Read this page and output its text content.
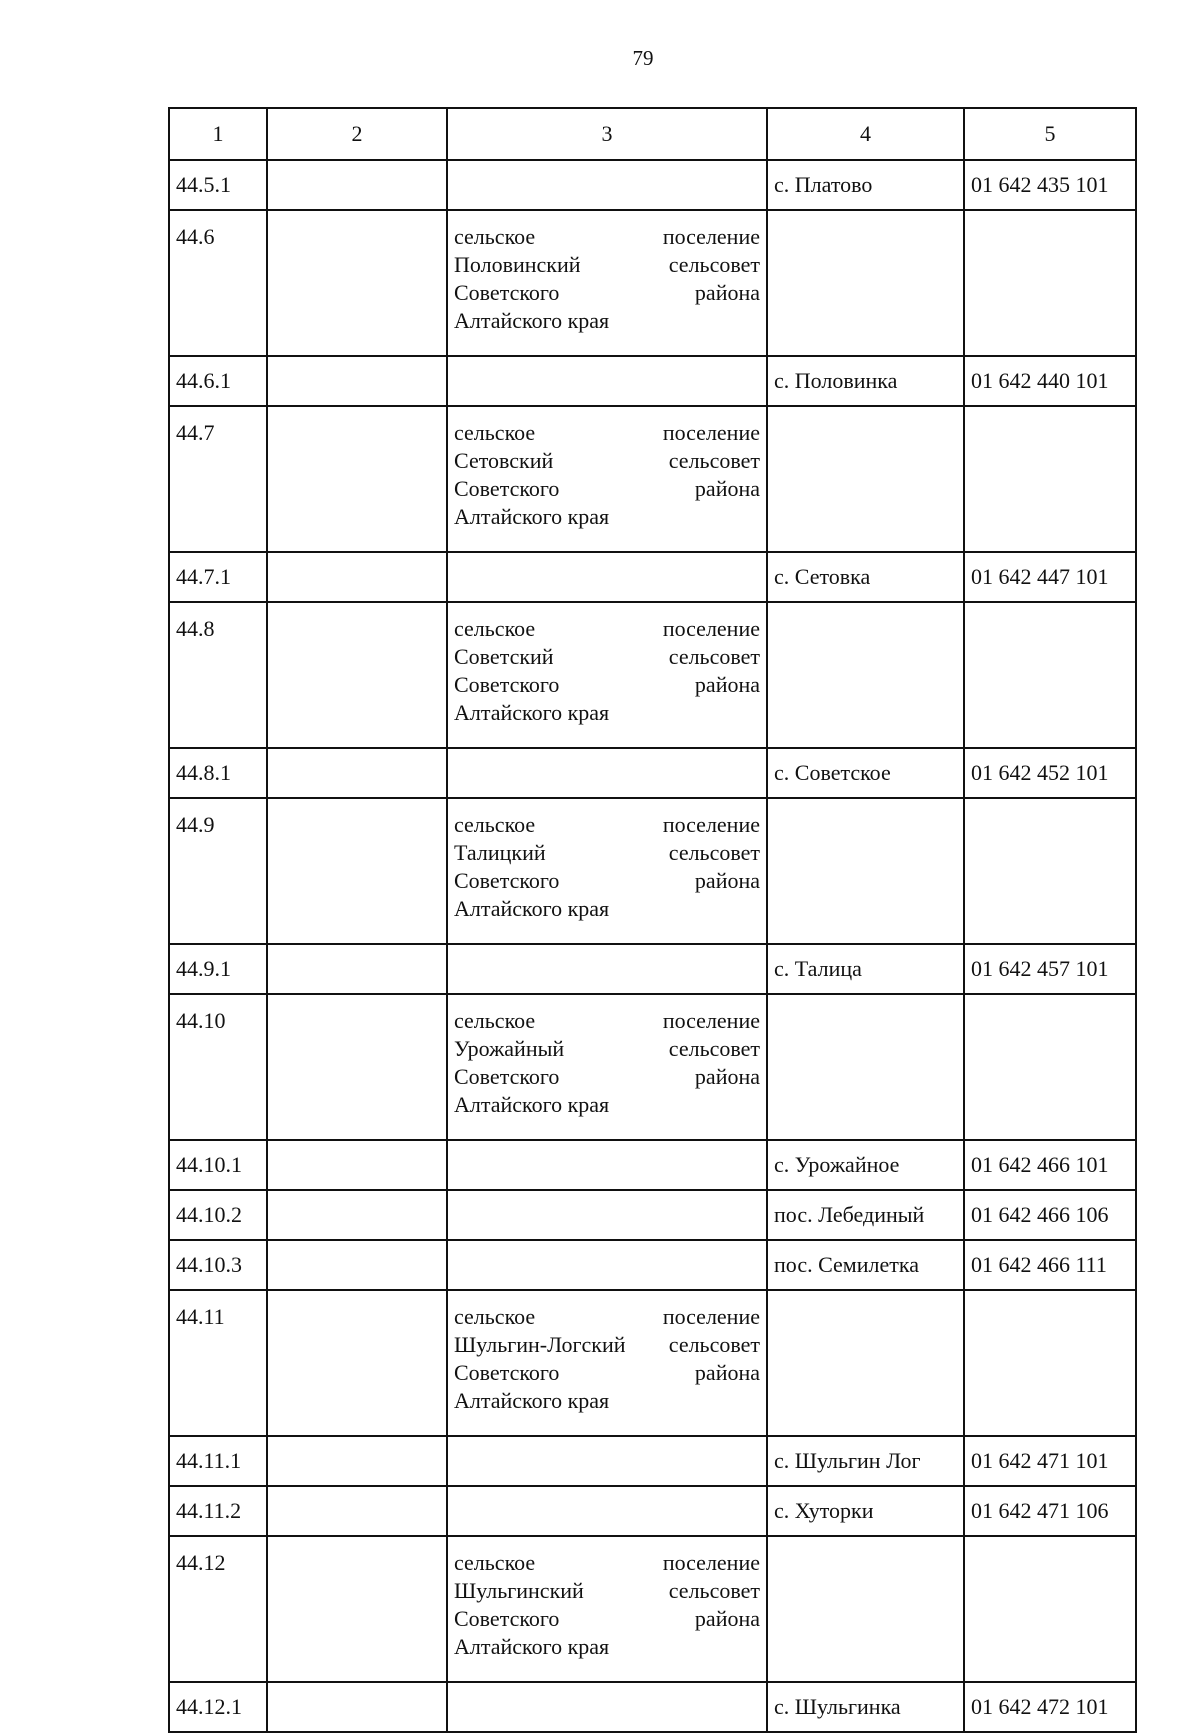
79
1	2	3	4	5
44.5.1			с. Платово	01 642 435 101
44.6		сельское поселение
Половинский сельсовет
Советского района
Алтайского края		

44.6.1			с. Половинка	01 642 440 101
44.7		сельское поселение
Сетовский сельсовет
Советского района
Алтайского края		

44.7.1			с. Сетовка	01 642 447 101
44.8		сельское поселение
Советский сельсовет
Советского района
Алтайского края		

44.8.1			с. Советское	01 642 452 101
44.9		сельское поселение
Талицкий сельсовет
Советского района
Алтайского края		

44.9.1			с. Талица	01 642 457 101
44.10		сельское поселение
Урожайный сельсовет
Советского района
Алтайского края		

44.10.1			с. Урожайное	01 642 466 101
44.10.2			пос. Лебединый	01 642 466 106
44.10.3			пос. Семилетка	01 642 466 111
44.11		сельское поселение
Шульгин-Логский сельсовет
Советского района
Алтайского края		

44.11.1			с. Шульгин Лог	01 642 471 101
44.11.2			с. Хуторки	01 642 471 106
44.12		сельское поселение
Шульгинский сельсовет
Советского района
Алтайского края		

44.12.1			с. Шульгинка	01 642 472 101
